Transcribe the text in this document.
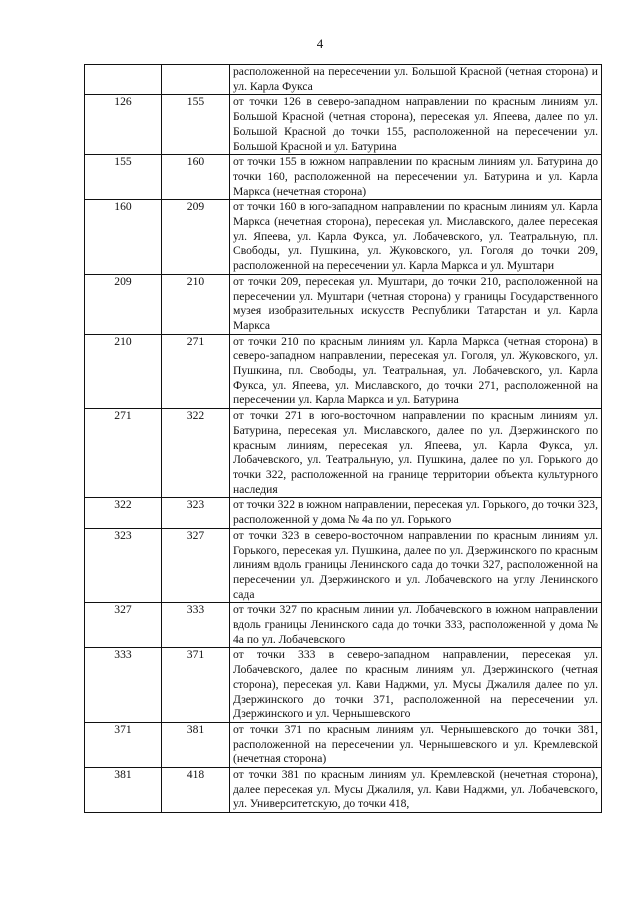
4
		расположенной на пересечении ул. Большой Красной (четная сторона) и ул. Карла Фукса
126	155	от точки 126 в северо-западном направлении по красным линиям ул. Большой Красной (четная сторона), пересекая ул. Япеева, далее по ул. Большой Красной до точки 155, расположенной на пересечении ул. Большой Красной и ул. Батурина
155	160	от точки 155 в южном направлении по красным линиям ул. Батурина до точки 160, расположенной на пересечении ул. Батурина и ул. Карла Маркса (нечетная сторона)
160	209	от точки 160 в юго-западном направлении по красным линиям ул. Карла Маркса (нечетная сторона), пересекая ул. Миславского, далее пересекая ул. Япеева, ул. Карла Фукса, ул. Лобачевского, ул. Театральную, пл. Свободы, ул. Пушкина, ул. Жуковского, ул. Гоголя до точки 209, расположенной на пересечении ул. Карла Маркса и ул. Муштари
209	210	от точки 209, пересекая ул. Муштари, до точки 210, расположенной на пересечении ул. Муштари (четная сторона) у границы Государственного музея изобразительных искусств Республики Татарстан и ул. Карла Маркса
210	271	от точки 210 по красным линиям ул. Карла Маркса (четная сторона) в северо-западном направлении, пересекая ул. Гоголя, ул. Жуковского, ул. Пушкина, пл. Свободы, ул. Театральная, ул. Лобачевского, ул. Карла Фукса, ул. Япеева, ул. Миславского, до точки 271, расположенной на пересечении ул. Карла Маркса и ул. Батурина
271	322	от точки 271 в юго-восточном направлении по красным линиям ул. Батурина, пересекая ул. Миславского, далее по ул. Дзержинского по красным линиям, пересекая ул. Япеева, ул. Карла Фукса, ул. Лобачевского, ул. Театральную, ул. Пушкина, далее по ул. Горького до точки 322, расположенной на границе территории объекта культурного наследия
322	323	от точки 322 в южном направлении, пересекая ул. Горького, до точки 323, расположенной у дома № 4а по ул. Горького
323	327	от точки 323 в северо-восточном направлении по красным линиям ул. Горького, пересекая ул. Пушкина, далее по ул. Дзержинского по красным линиям вдоль границы Ленинского сада до точки 327, расположенной на пересечении ул. Дзержинского и ул. Лобачевского на углу Ленинского сада
327	333	от точки 327 по красным линии ул. Лобачевского в южном направлении вдоль границы Ленинского сада до точки 333, расположенной у дома № 4а по ул. Лобачевского
333	371	от точки 333 в северо-западном направлении, пересекая ул. Лобачевского, далее по красным линиям ул. Дзержинского (четная сторона), пересекая ул. Кави Наджми, ул. Мусы Джалиля далее по ул. Дзержинского до точки 371, расположенной на пересечении ул. Дзержинского и ул. Чернышевского
371	381	от точки 371 по красным линиям ул. Чернышевского до точки 381, расположенной на пересечении ул. Чернышевского и ул. Кремлевской (нечетная сторона)
381	418	от точки 381 по красным линиям ул. Кремлевской (нечетная сторона), далее пересекая ул. Мусы Джалиля, ул. Кави Наджми, ул. Лобачевского, ул. Университетскую, до точки 418,
